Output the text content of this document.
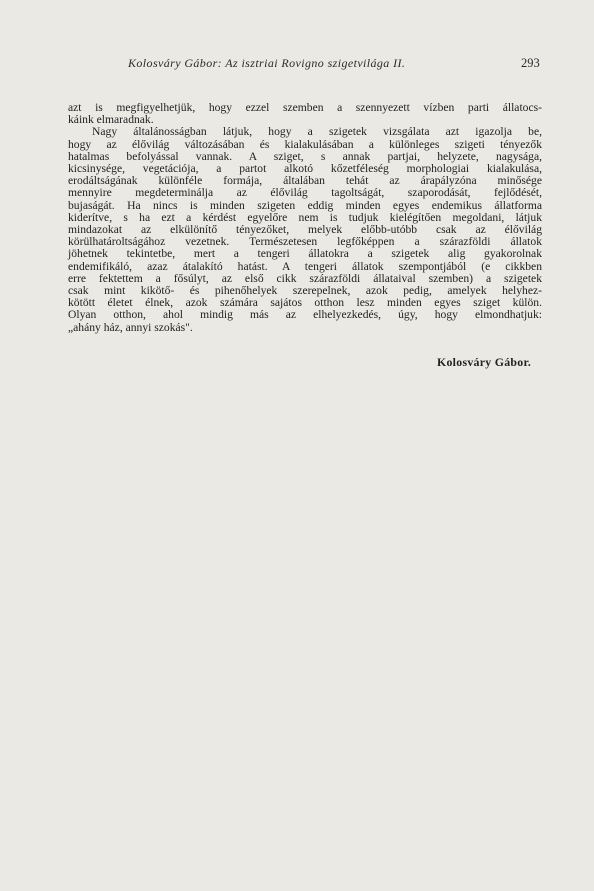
Kolosváry Gábor: Az isztriai Rovigno szigetvilága II.	293
azt is megfigyelhetjük, hogy ezzel szemben a szennyezett vízben parti állatocs-
káink elmaradnak.
Nagy általánosságban látjuk, hogy a szigetek vizsgálata azt igazolja be,
hogy az élővilág változásában és kialakulásában a különleges szigeti tényezők
hatalmas befolyással vannak. A sziget, s annak partjai, helyzete, nagysága,
kicsinysége, vegetációja, a partot alkotó kőzetféleség morphologiai kialakulása,
erodáltságának különféle formája, általában tehát az árapályzóna minősége
mennyire megdeterminálja az élővilág tagoltságát, szaporodását, fejlődését,
bujaságát. Ha nincs is minden szigeten eddig minden egyes endemikus állatforma
kiderítve, s ha ezt a kérdést egyelőre nem is tudjuk kielégítően megoldani, látjuk
mindazokat az elkülönítő tényezőket, melyek előbb-utóbb csak az élővilág
körülhatároltságához vezetnek. Természetesen legfőképpen a szárazföldi állatok
jöhetnek tekintetbe, mert a tengeri állatokra a szigetek alig gyakorolnak
endemifikáló, azaz átalakító hatást. A tengeri állatok szempontjából (e cikkben
erre fektettem a fősúlyt, az első cikk szárazföldi állataival szemben) a szigetek
csak mint kikötő- és pihenőhelyek szerepelnek, azok pedig, amelyek helyhez-
kötött életet élnek, azok számára sajátos otthon lesz minden egyes sziget külön.
Olyan otthon, ahol mindig más az elhelyezkedés, úgy, hogy elmondhatjuk:
„ahány ház, annyi szokás".
Kolosváry Gábor.
